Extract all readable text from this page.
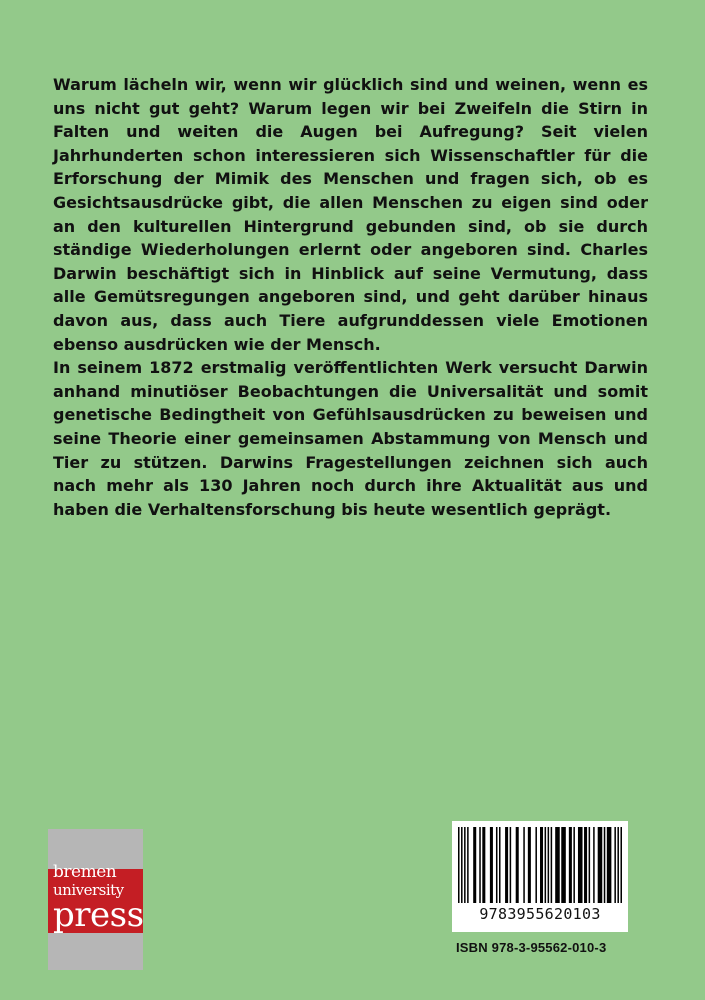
Warum lächeln wir, wenn wir glücklich sind und weinen, wenn es uns nicht gut geht? Warum legen wir bei Zweifeln die Stirn in Falten und weiten die Augen bei Aufregung? Seit vielen Jahrhunderten schon interessieren sich Wissenschaftler für die Erforschung der Mimik des Menschen und fragen sich, ob es Gesichtsausdrücke gibt, die allen Menschen zu eigen sind oder an den kulturellen Hintergrund gebunden sind, ob sie durch ständige Wiederholungen erlernt oder angeboren sind. Charles Darwin beschäftigt sich in Hinblick auf seine Vermutung, dass alle Gemütsregungen angeboren sind, und geht darüber hinaus davon aus, dass auch Tiere aufgrunddessen viele Emotionen ebenso ausdrücken wie der Mensch.

In seinem 1872 erstmalig veröffentlichten Werk versucht Darwin anhand minutiöser Beobachtungen die Universalität und somit genetische Bedingtheit von Gefühlsausdrücken zu beweisen und seine Theorie einer gemeinsamen Abstammung von Mensch und Tier zu stützen. Darwins Fragestellungen zeichnen sich auch nach mehr als 130 Jahren noch durch ihre Aktualität aus und haben die Verhaltensforschung bis heute wesentlich geprägt.

bremen
university
press	9783955620103
ISBN 978-3-95562-010-3
